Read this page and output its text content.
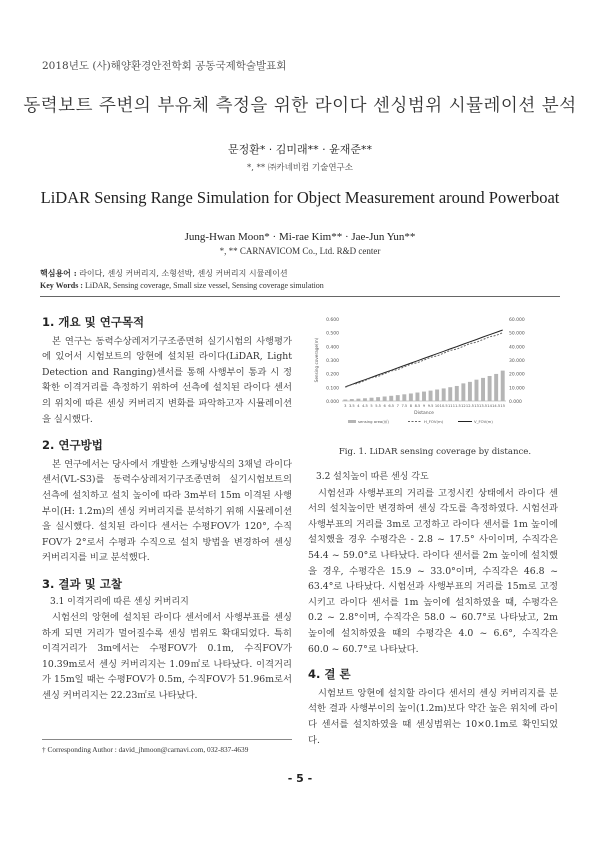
2018년도 (사)해양환경안전학회 공동국제학술발표회
동력보트 주변의 부유체 측정을 위한 라이다 센싱범위 시뮬레이션 분석
문정환* · 김미래** · 윤재준**
*, ** ㈜카네비컴 기술연구소
LiDAR Sensing Range Simulation for Object Measurement around Powerboat
Jung-Hwan Moon* · Mi-rae Kim** · Jae-Jun Yun**
*, ** CARNAVICOM Co., Ltd. R&D center
핵심용어 : 라이다, 센싱 커버리지, 소형선박, 센싱 커버리지 시뮬레이션
Key Words : LiDAR, Sensing coverage, Small size vessel, Sensing coverage simulation
1. 개요 및 연구목적

본 연구는 동력수상레저기구조종면허 실기시험의 사행평가에 있어서 시험보트의 앙현에 설치된 라이다(LiDAR, Light Detection and Ranging)센서를 통해 사행부이 통과 시 정확한 이격거리를 측정하기 위하여 선측에 설치된 라이다 센서의 위치에 따른 센싱 커버리지 변화를 파악하고자 시뮬레이션을 실시했다.

2. 연구방법

본 연구에서는 당사에서 개발한 스캐닝방식의 3채널 라이다 센서(VL-S3)를 동력수상레저기구조종면허 실기시험보트의 선측에 설치하고 설치 높이에 따라 3m부터 15m 이격된 사행부이(H: 1.2m)의 센싱 커버리지를 분석하기 위해 시뮬레이션을 실시했다. 설치된 라이다 센서는 수평FOV가 120°, 수직FOV가 2°로서 수평과 수직으로 설치 방법을 변경하여 센싱 커버리지를 비교 분석했다.

3. 결과 및 고찰
3.1 이격거리에 따른 센싱 커버리지

시험선의 앙현에 설치된 라이다 센서에서 사행부표를 센싱하게 되면 거리가 멀어질수록 센싱 범위도 확대되었다. 특히 이격거리가 3m에서는 수평FOV가 0.1m, 수직FOV가 10.39m로서 센싱 커버리지는 1.09㎡로 나타났다. 이격거리가 15m일 때는 수평FOV가 0.5m, 수직FOV가 51.96m로서 센싱 커버리지는 22.23㎡로 나타났다.

0.600
0.500
0.400
0.300
0.200
0.100
0.000
60.000
50.000
40.000
30.000
20.000
10.000
0.000
Sensing coverage(m)
3 3.5 4 4.5 5 5.5 6 6.5 7 7.5 8 8.5 9 9.5 10 10.5 11 11.5 12 12.5 13 13.5 14 14.5 15
Distance
sensing area(㎡)	H_FOV(m)	V_FOV(m)
Fig. 1. LiDAR sensing coverage by distance.
3.2 설치높이 따른 센싱 각도

시험선과 사행부표의 거리를 고정시킨 상태에서 라이다 센서의 설치높이만 변경하여 센싱 각도를 측정하였다. 시험선과 사행부표의 거리를 3m로 고정하고 라이다 센서를 1m 높이에 설치했을 경우 수평각은 - 2.8 ~ 17.5° 사이이며, 수직각은 54.4 ~ 59.0°로 나타났다. 라이다 센서를 2m 높이에 설치했을 경우, 수평각은 15.9 ~ 33.0°이며, 수직각은 46.8 ~ 63.4°로 나타났다. 시험선과 사행부표의 거리를 15m로 고정시키고 라이다 센서를 1m 높이에 설치하였을 때, 수평각은 0.2 ~ 2.8°이며, 수직각은 58.0 ~ 60.7°로 나타났고, 2m 높이에 설치하였을 때의 수평각은 4.0 ~ 6.6°, 수직각은 60.0 ~ 60.7°로 나타났다.

4. 결 론

시험보트 앙현에 설치할 라이다 센서의 센싱 커버리지를 분석한 결과 사행부이의 높이(1.2m)보다 약간 높은 위치에 라이다 센서를 설치하였을 때 센싱범위는 10×0.1m로 확인되었다.

† Corresponding Author : david_jhmoon@carnavi.com, 032-837-4639
- 5 -
